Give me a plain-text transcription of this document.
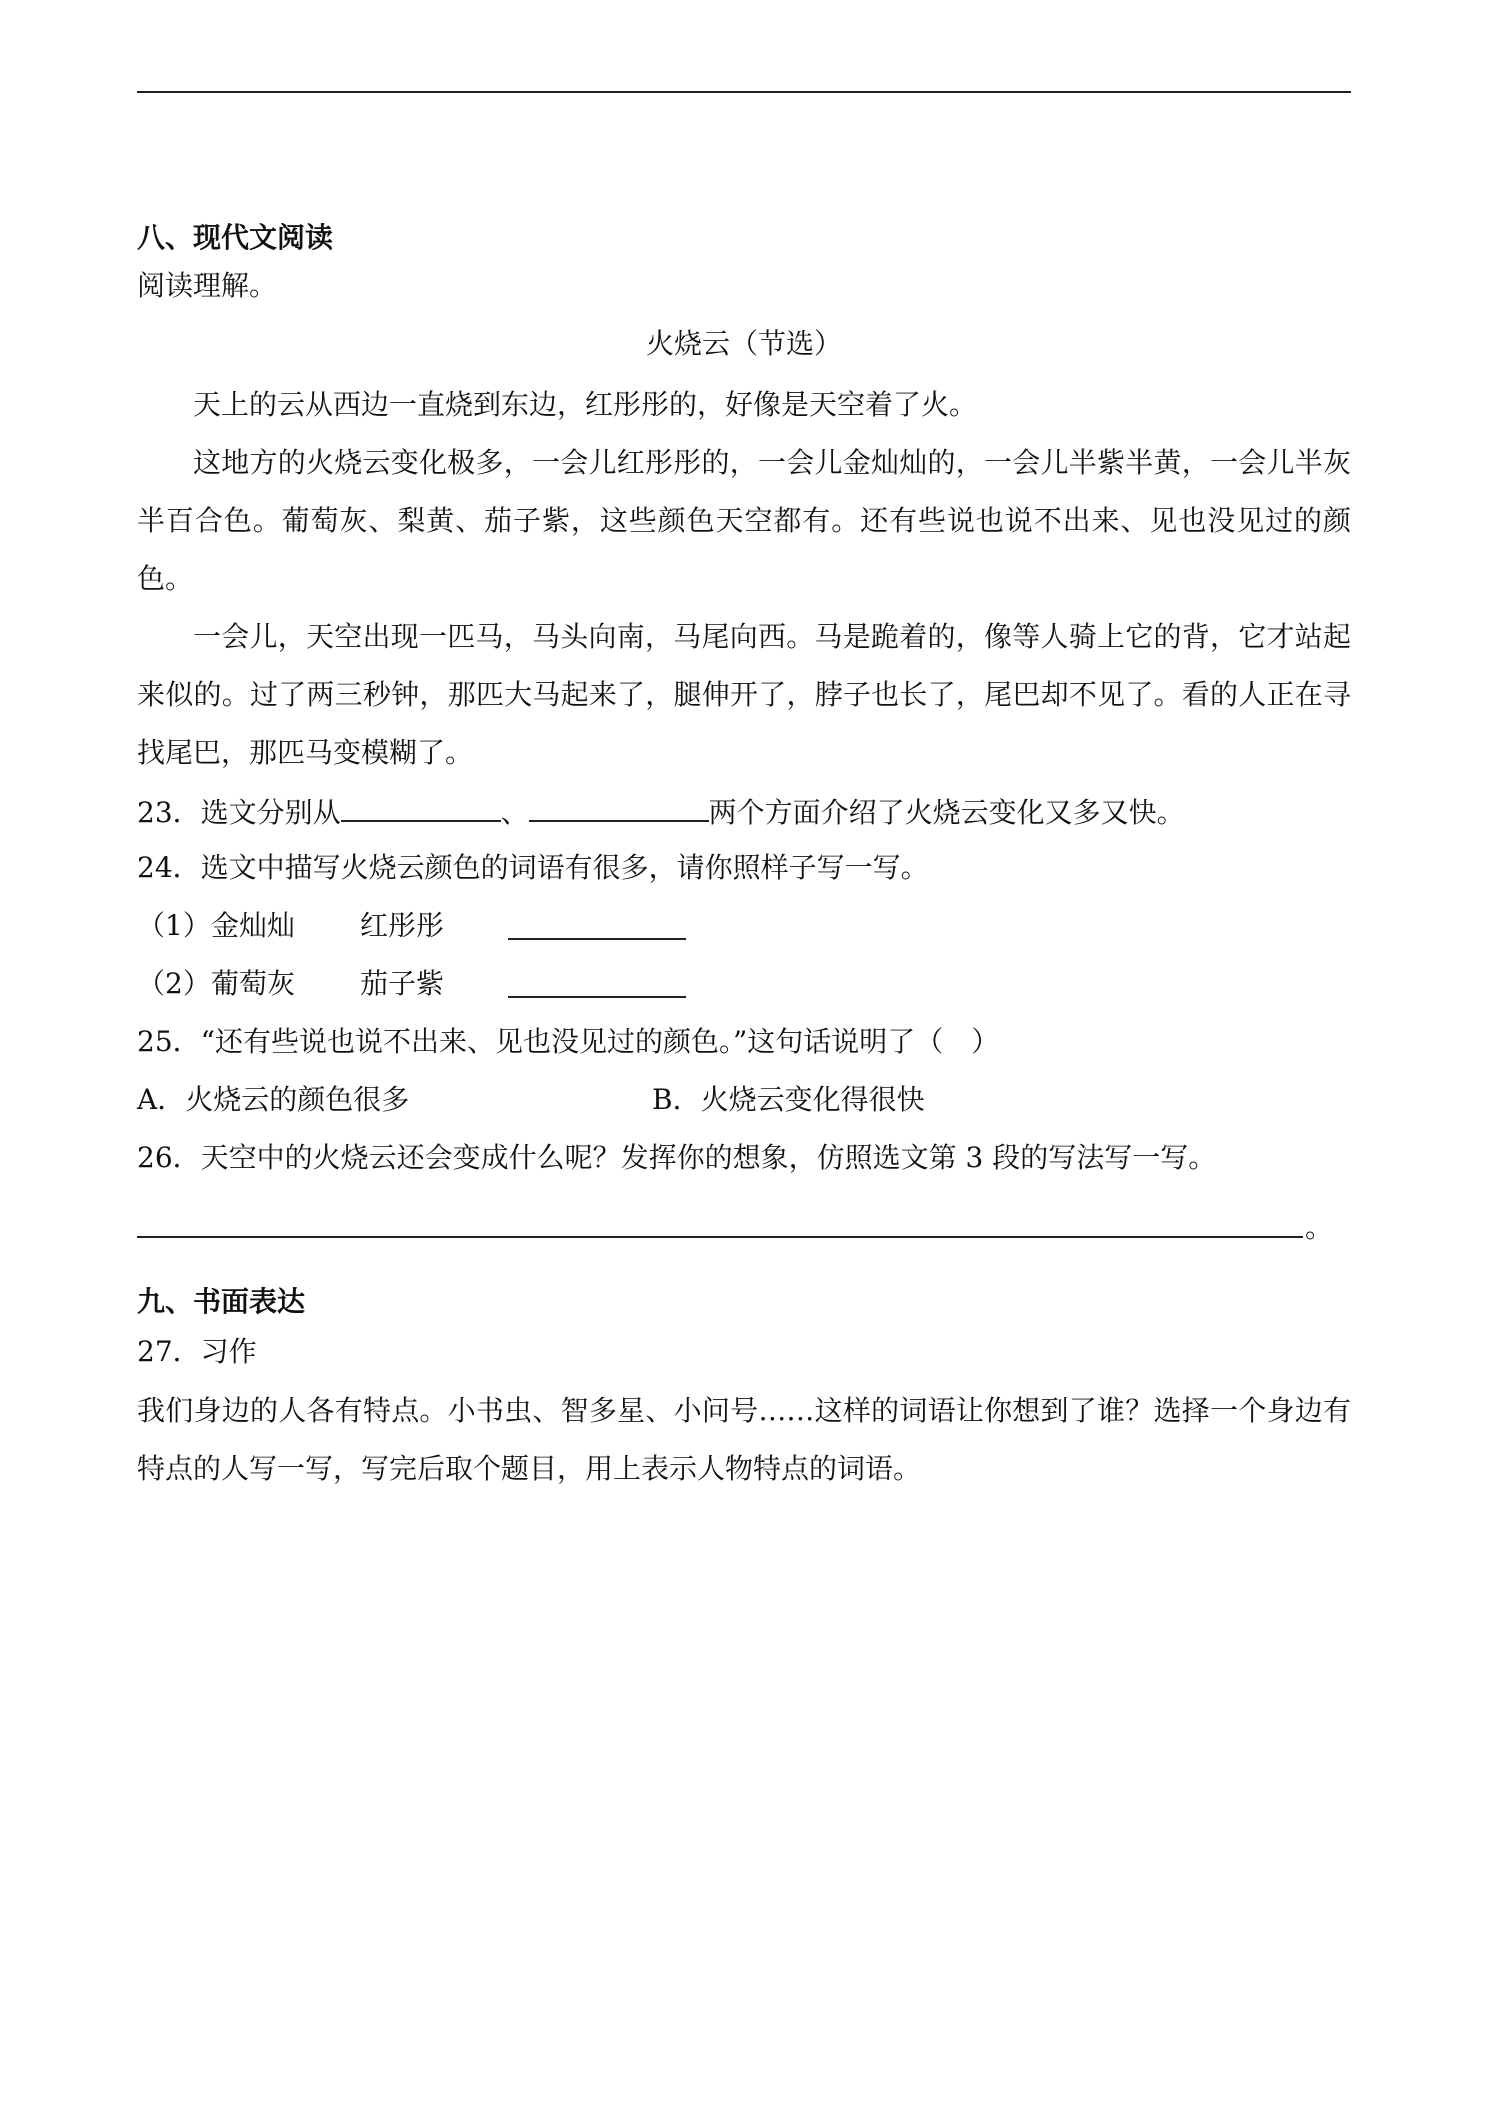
八、现代文阅读
阅读理解。
火烧云（节选）
天上的云从西边一直烧到东边，红彤彤的，好像是天空着了火。
这地方的火烧云变化极多，一会儿红彤彤的，一会儿金灿灿的，一会儿半紫半黄，一会儿半灰半百合色。葡萄灰、梨黄、茄子紫，这些颜色天空都有。还有些说也说不出来、见也没见过的颜色。
一会儿，天空出现一匹马，马头向南，马尾向西。马是跪着的，像等人骑上它的背，它才站起来似的。过了两三秒钟，那匹大马起来了，腿伸开了，脖子也长了，尾巴却不见了。看的人正在寻找尾巴，那匹马变模糊了。
23．选文分别从	、	两个方面介绍了火烧云变化又多又快。
24．选文中描写火烧云颜色的词语有很多，请你照样子写一写。
（1） 金灿灿 红彤彤
（2） 葡萄灰 茄子紫
25．“还有些说也说不出来、见也没见过的颜色。”这句话说明了（　）
A．火烧云的颜色很多	B．火烧云变化得很快
26．天空中的火烧云还会变成什么呢？发挥你的想象，仿照选文第 3 段的写法写一写。
。
九、书面表达
27．习作
我们身边的人各有特点。小书虫、智多星、小问号……这样的词语让你想到了谁？选择一个身边有特点的人写一写，写完后取个题目，用上表示人物特点的词语。
